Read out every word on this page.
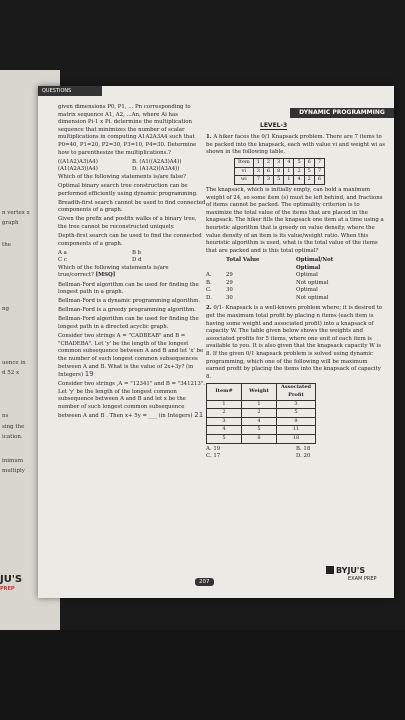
n vertex x
graph
the
ng
uence in
d 52 x
ns
sing the
ication.
inimum
multiply
JU'S
PREP
QUESTIONS
DYNAMIC PROGRAMMING
LEVEL-3

given dimensions P0, P1, ... Pn corresponding to matrix sequence A1, A2, ...An, where Ai has dimension Pi-1 x Pi. determine the multiplication sequence that minimizes the number of scalar multiplications in computing A1A2A3A4 such that P0=40, P1=20, P2=30, P3=10, P4=30. Determine how to parenthesize the multiplications.?

((A1A2)A3)A4)	B. (A1((A2A3)A4))
(A1(A2A3))A4)	D. (A1A2)(A3A4))

Which of the following statements is/are false?

Optimal binary search tree construction can be performed efficiently using dynamic programming.

Breadth-first search cannot be used to find connected components of a graph.

Given the prefix and postfix walks of a binary tree, the tree cannot be reconstructed uniquely.

Depth-first search can be used to find the connected components of a graph.

A a	B b
C c	D d

Which of the following statements is/are true/correct? [MSQ]

Bellman-Ford algorithm can be used for finding the longest path in a graph.

Bellman-Ford is a dynamic programming algorithm.

Bellman-Ford is a greedy programming algorithm.

Bellman-Ford algorithm can be used for finding the longest path in a directed acyclic graph.

Consider two strings A = "CADBEAB" and B = "CBADEBA". Let 'y' be the length of the longest common subsequence between A and B and let 'x' be the number of such longest common subsequences between A and B. What is the value of 2x+3y? (in Integers) 19

Consider two strings ,A = "12341" and B = "341213". Let 'y' be the length of the longest common subsequence between A and B and let x be the number of such longest common subsequence between A and B . Then x+ 5y = ___ (in Integers) 21

1. A hiker faces the 0/1 Knapsack problem. There are 7 items to be packed into the knapsack, each with value vi and weight wi as shown in the following table.

Item	1	2	3	4	5	6	7
vi	3	6	8	1	2	5	7
wi	7	3	5	1	4	2	6

The knapsack, which is initially empty, can hold a maximum weight of 24, so some item (s) must be left behind, and fractions of items cannot be packed. The optimality criterion is to maximize the total value of the items that are placed in the knapsack. The hiker fills the knapsack one item at a time using a heuristic algorithm that is greedy on value density, where the value density of an item is its value/weight ratio. When this heuristic algorithm is used, what is the total value of the items that are packed and is this total optimal?

Total Value	Optimal/Not Optimal
A.	29	Optimal
B.	29	Not optimal
C.	30	Optimal
D.	30	Not optimal

2. 0/1- Knapsack is a well-known problem where; it is desired to get the maximum total profit by placing n items (each item is having some weight and associated profit) into a knapsack of capacity W. The table given below shows the weights and associated profits for 5 items, where one unit of each item is available to you. It is also given that the knapsack capacity W is 8. If the given 0/1 knapsack problem is solved using dynamic programming, which one of the following will be maximum earned profit by placing the items into the knapsack of capacity 8.

Item#	Weight	Associated Profit
1	1	3
2	2	5
3	4	9
4	5	11
5	8	18
A. 19	B. 18
C. 17	D. 20
207
BYJU'S
EXAM PREP
